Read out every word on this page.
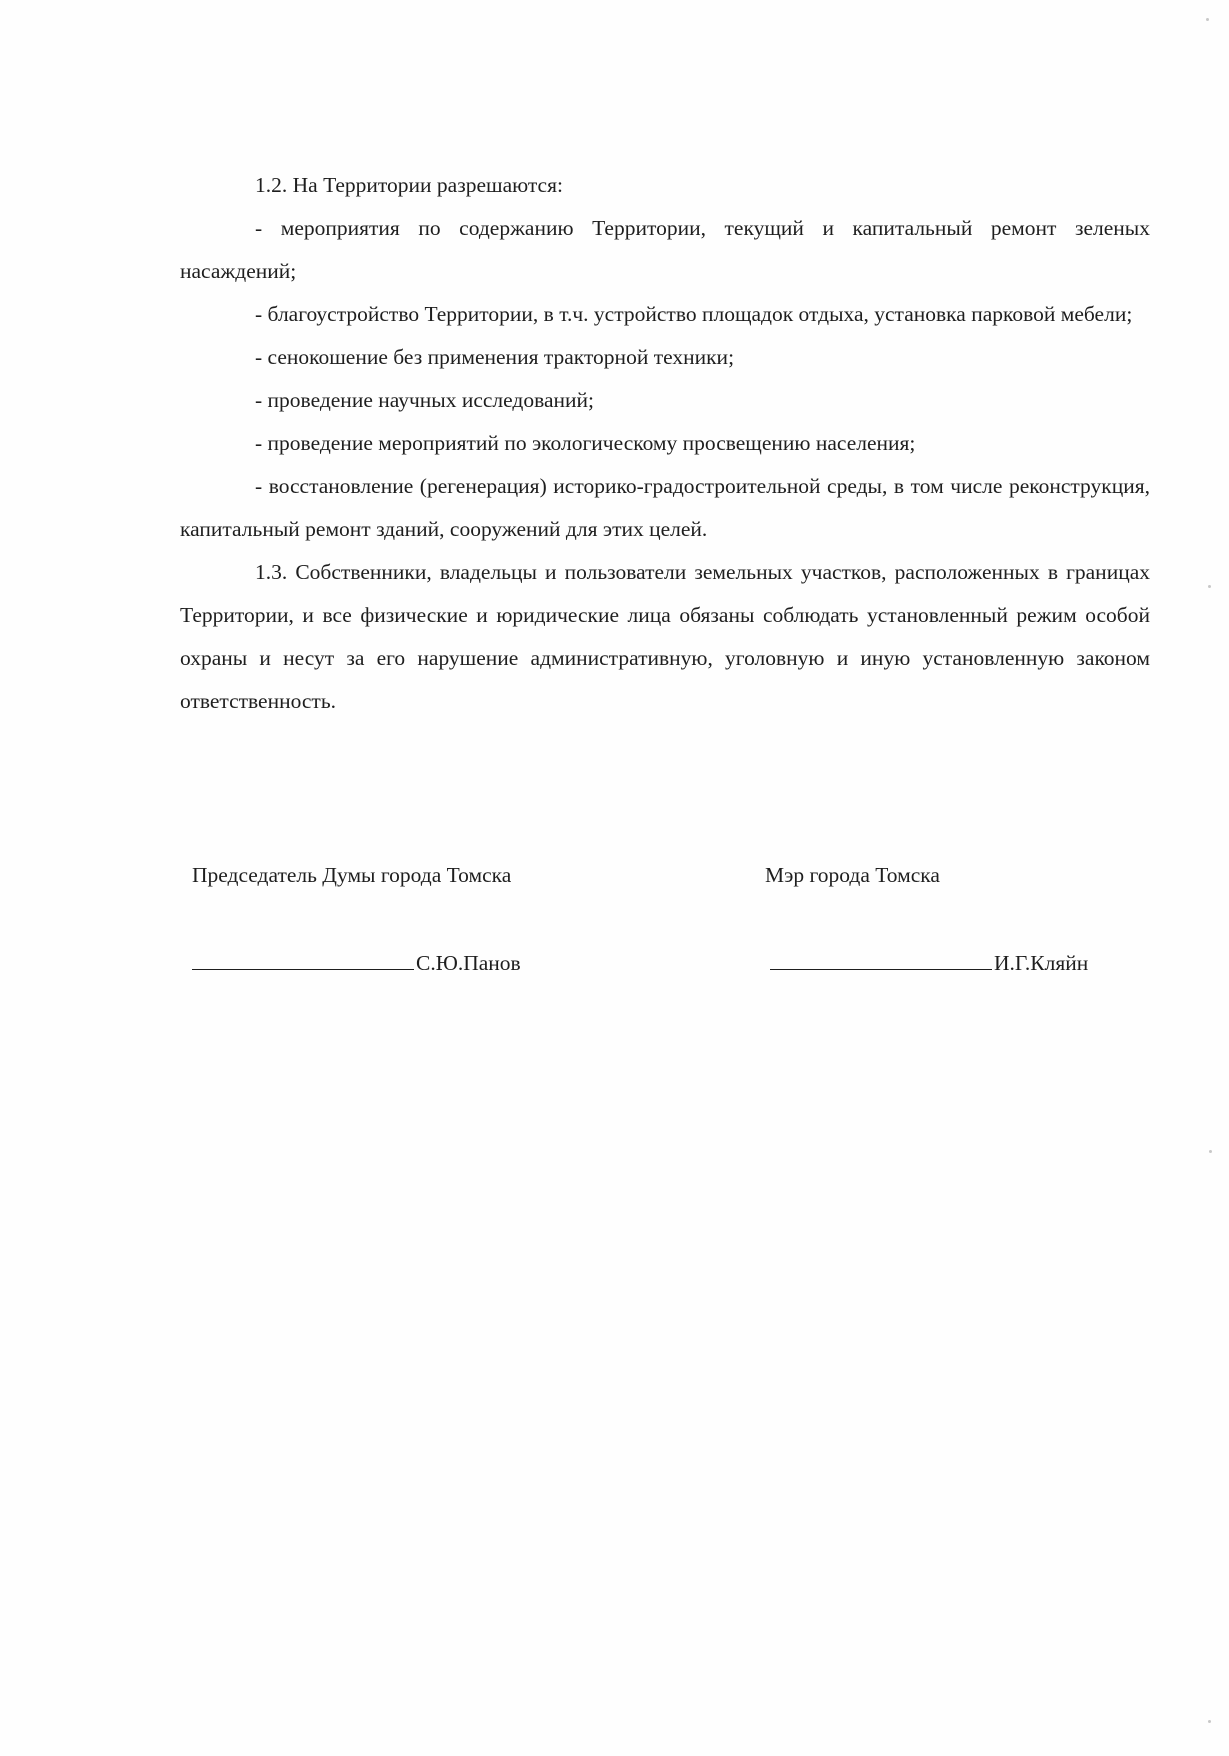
1.2. На Территории разрешаются:

- мероприятия по содержанию Территории, текущий и капитальный ремонт зеленых насаждений;

- благоустройство Территории, в т.ч. устройство площадок отдыха, установка парковой мебели;

- сенокошение без применения тракторной техники;

- проведение научных исследований;

- проведение мероприятий по экологическому просвещению населения;

- восстановление (регенерация) историко-градостроительной среды, в том числе реконструкция, капитальный ремонт зданий, сооружений для этих целей.

1.3. Собственники, владельцы и пользователи земельных участков, расположенных в границах Территории, и все физические и юридические лица обязаны соблюдать установленный режим особой охраны и несут за его нарушение административную, уголовную и иную установленную законом ответственность.

Председатель Думы города Томска
С.Ю.Панов
Мэр города Томска
И.Г.Кляйн
